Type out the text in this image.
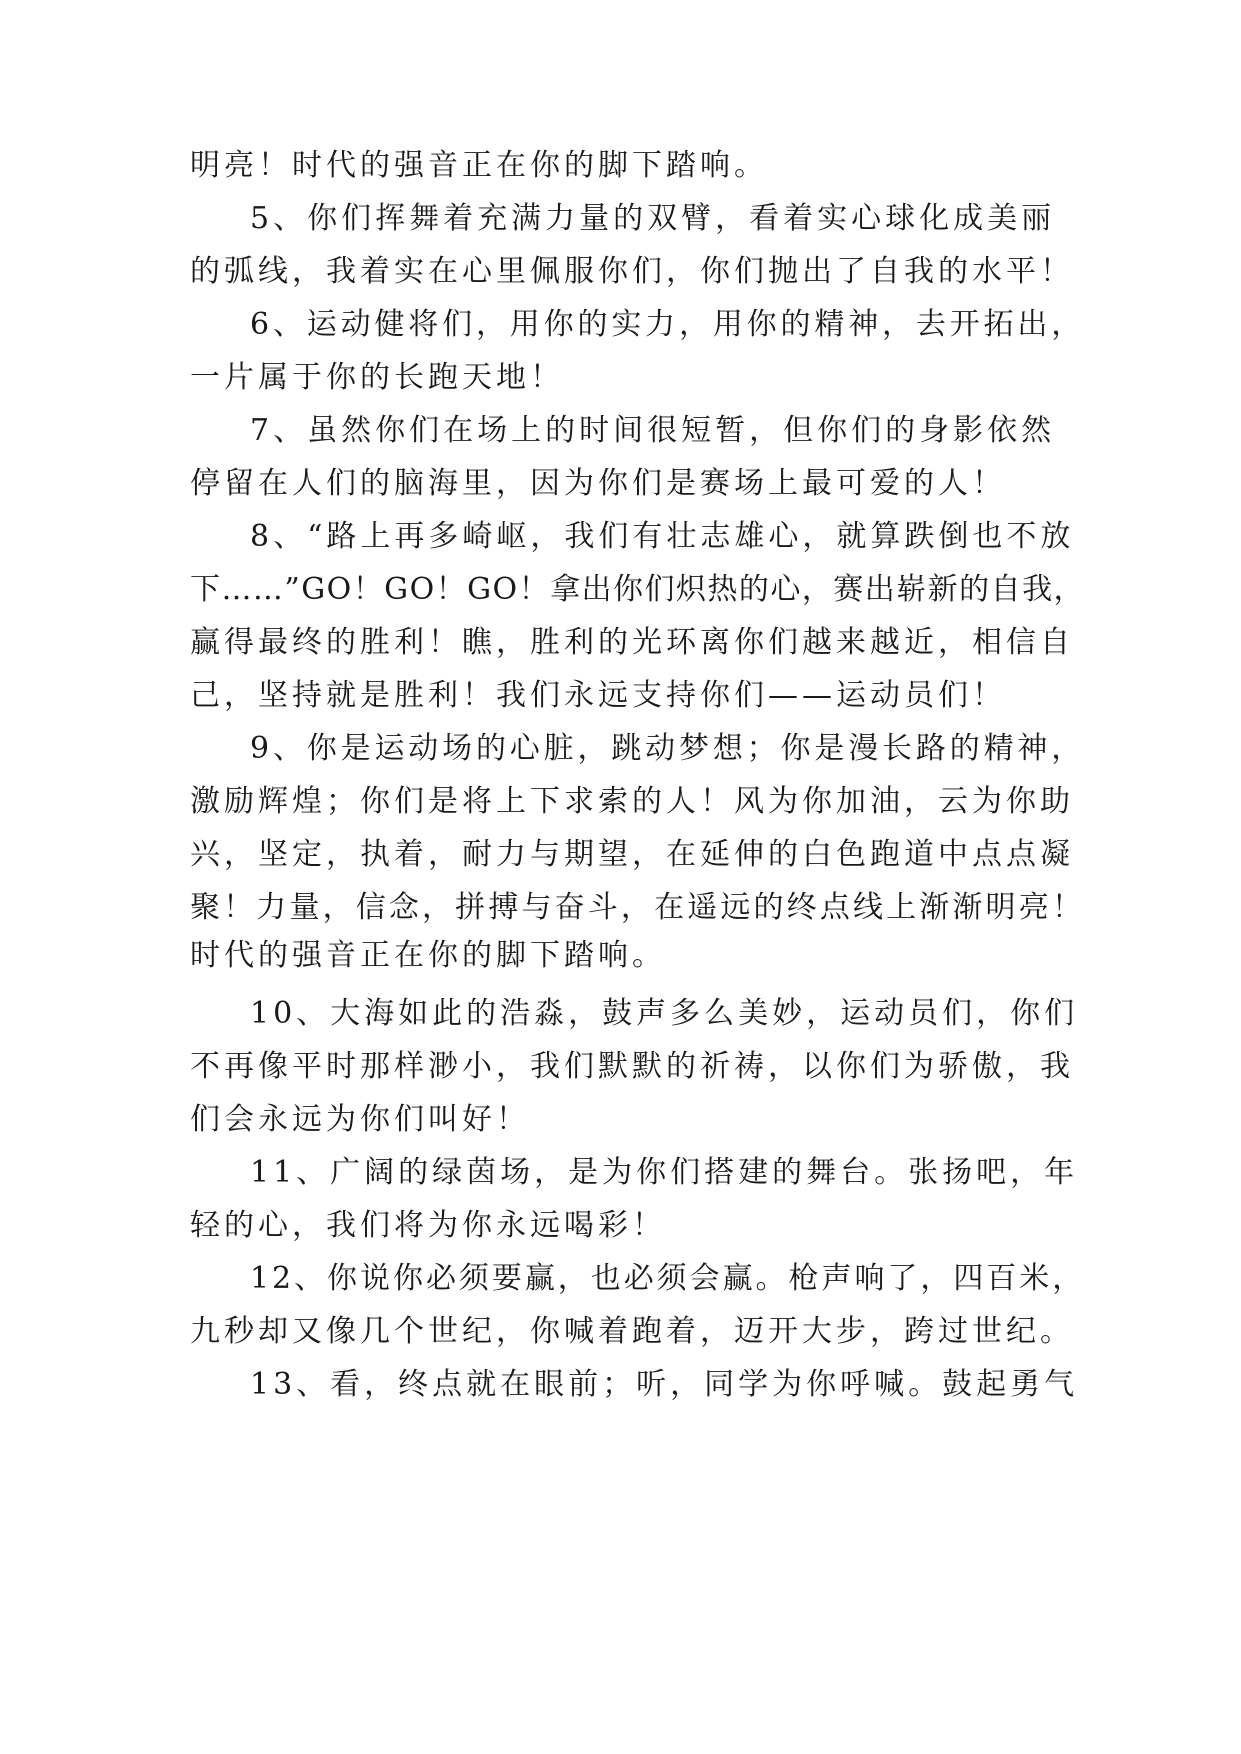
明亮！时代的强音正在你的脚下踏响。
5、你们挥舞着充满力量的双臂，看着实心球化成美丽
的弧线，我着实在心里佩服你们，你们抛出了自我的水平！
6、运动健将们，用你的实力，用你的精神，去开拓出，
一片属于你的长跑天地！
7、虽然你们在场上的时间很短暂，但你们的身影依然
停留在人们的脑海里，因为你们是赛场上最可爱的人！
8、“路上再多崎岖，我们有壮志雄心，就算跌倒也不放
下……”GO！GO！GO！拿出你们炽热的心，赛出崭新的自我，
赢得最终的胜利！瞧，胜利的光环离你们越来越近，相信自
己，坚持就是胜利！我们永远支持你们——运动员们！
9、你是运动场的心脏，跳动梦想；你是漫长路的精神，
激励辉煌；你们是将上下求索的人！风为你加油，云为你助
兴，坚定，执着，耐力与期望，在延伸的白色跑道中点点凝
聚！力量，信念，拼搏与奋斗，在遥远的终点线上渐渐明亮！
时代的强音正在你的脚下踏响。
10、大海如此的浩淼，鼓声多么美妙，运动员们，你们
不再像平时那样渺小，我们默默的祈祷，以你们为骄傲，我
们会永远为你们叫好！
11、广阔的绿茵场，是为你们搭建的舞台。张扬吧，年
轻的心，我们将为你永远喝彩！
12、你说你必须要赢，也必须会赢。枪声响了，四百米，
九秒却又像几个世纪，你喊着跑着，迈开大步，跨过世纪。
13、看，终点就在眼前；听，同学为你呼喊。鼓起勇气
